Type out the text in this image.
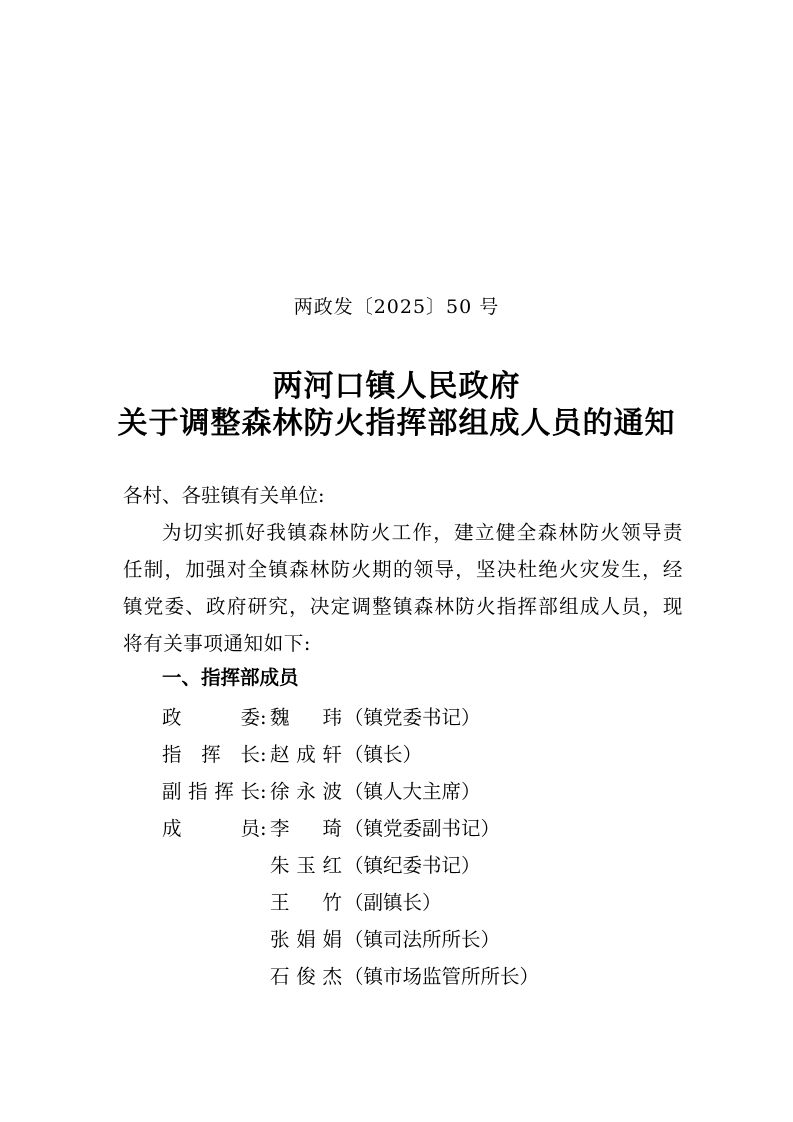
两政发〔2025〕50 号
两河口镇人民政府
关于调整森林防火指挥部组成人员的通知
各村、各驻镇有关单位:
为切实抓好我镇森林防火工作，建立健全森林防火领导责任制，加强对全镇森林防火期的领导，坚决杜绝火灾发生，经镇党委、政府研究，决定调整镇森林防火指挥部组成人员，现将有关事项通知如下:
一、指挥部成员
政委 : 魏玮 （镇党委书记）
指挥长 : 赵成轩 （镇长）
副指挥长 : 徐永波 （镇人大主席）
成员 : 李琦 （镇党委副书记）
朱玉红 （镇纪委书记）
王竹 （副镇长）
张娟娟 （镇司法所所长）
石俊杰 （镇市场监管所所长）
